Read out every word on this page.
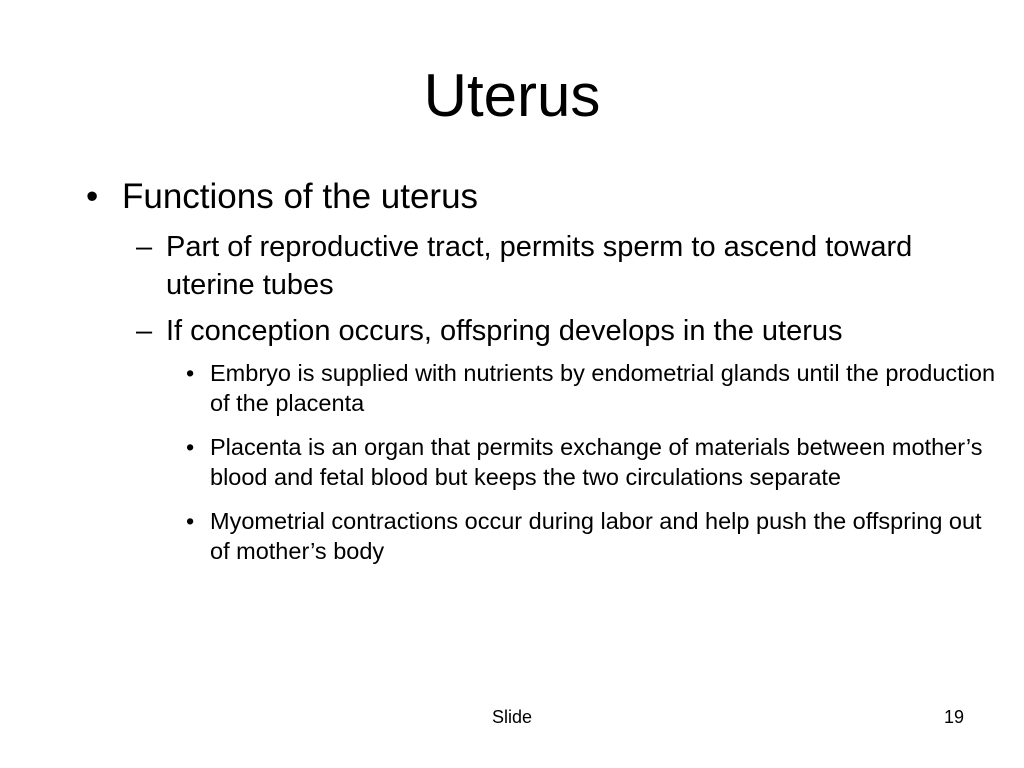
Uterus
• Functions of the uterus
– Part of reproductive tract, permits sperm to ascend toward uterine tubes
– If conception occurs, offspring develops in the uterus
• Embryo is supplied with nutrients by endometrial glands until the production of the placenta
• Placenta is an organ that permits exchange of materials between mother’s blood and fetal blood but keeps the two circulations separate
• Myometrial contractions occur during labor and help push the offspring out of mother’s body
Slide	19
